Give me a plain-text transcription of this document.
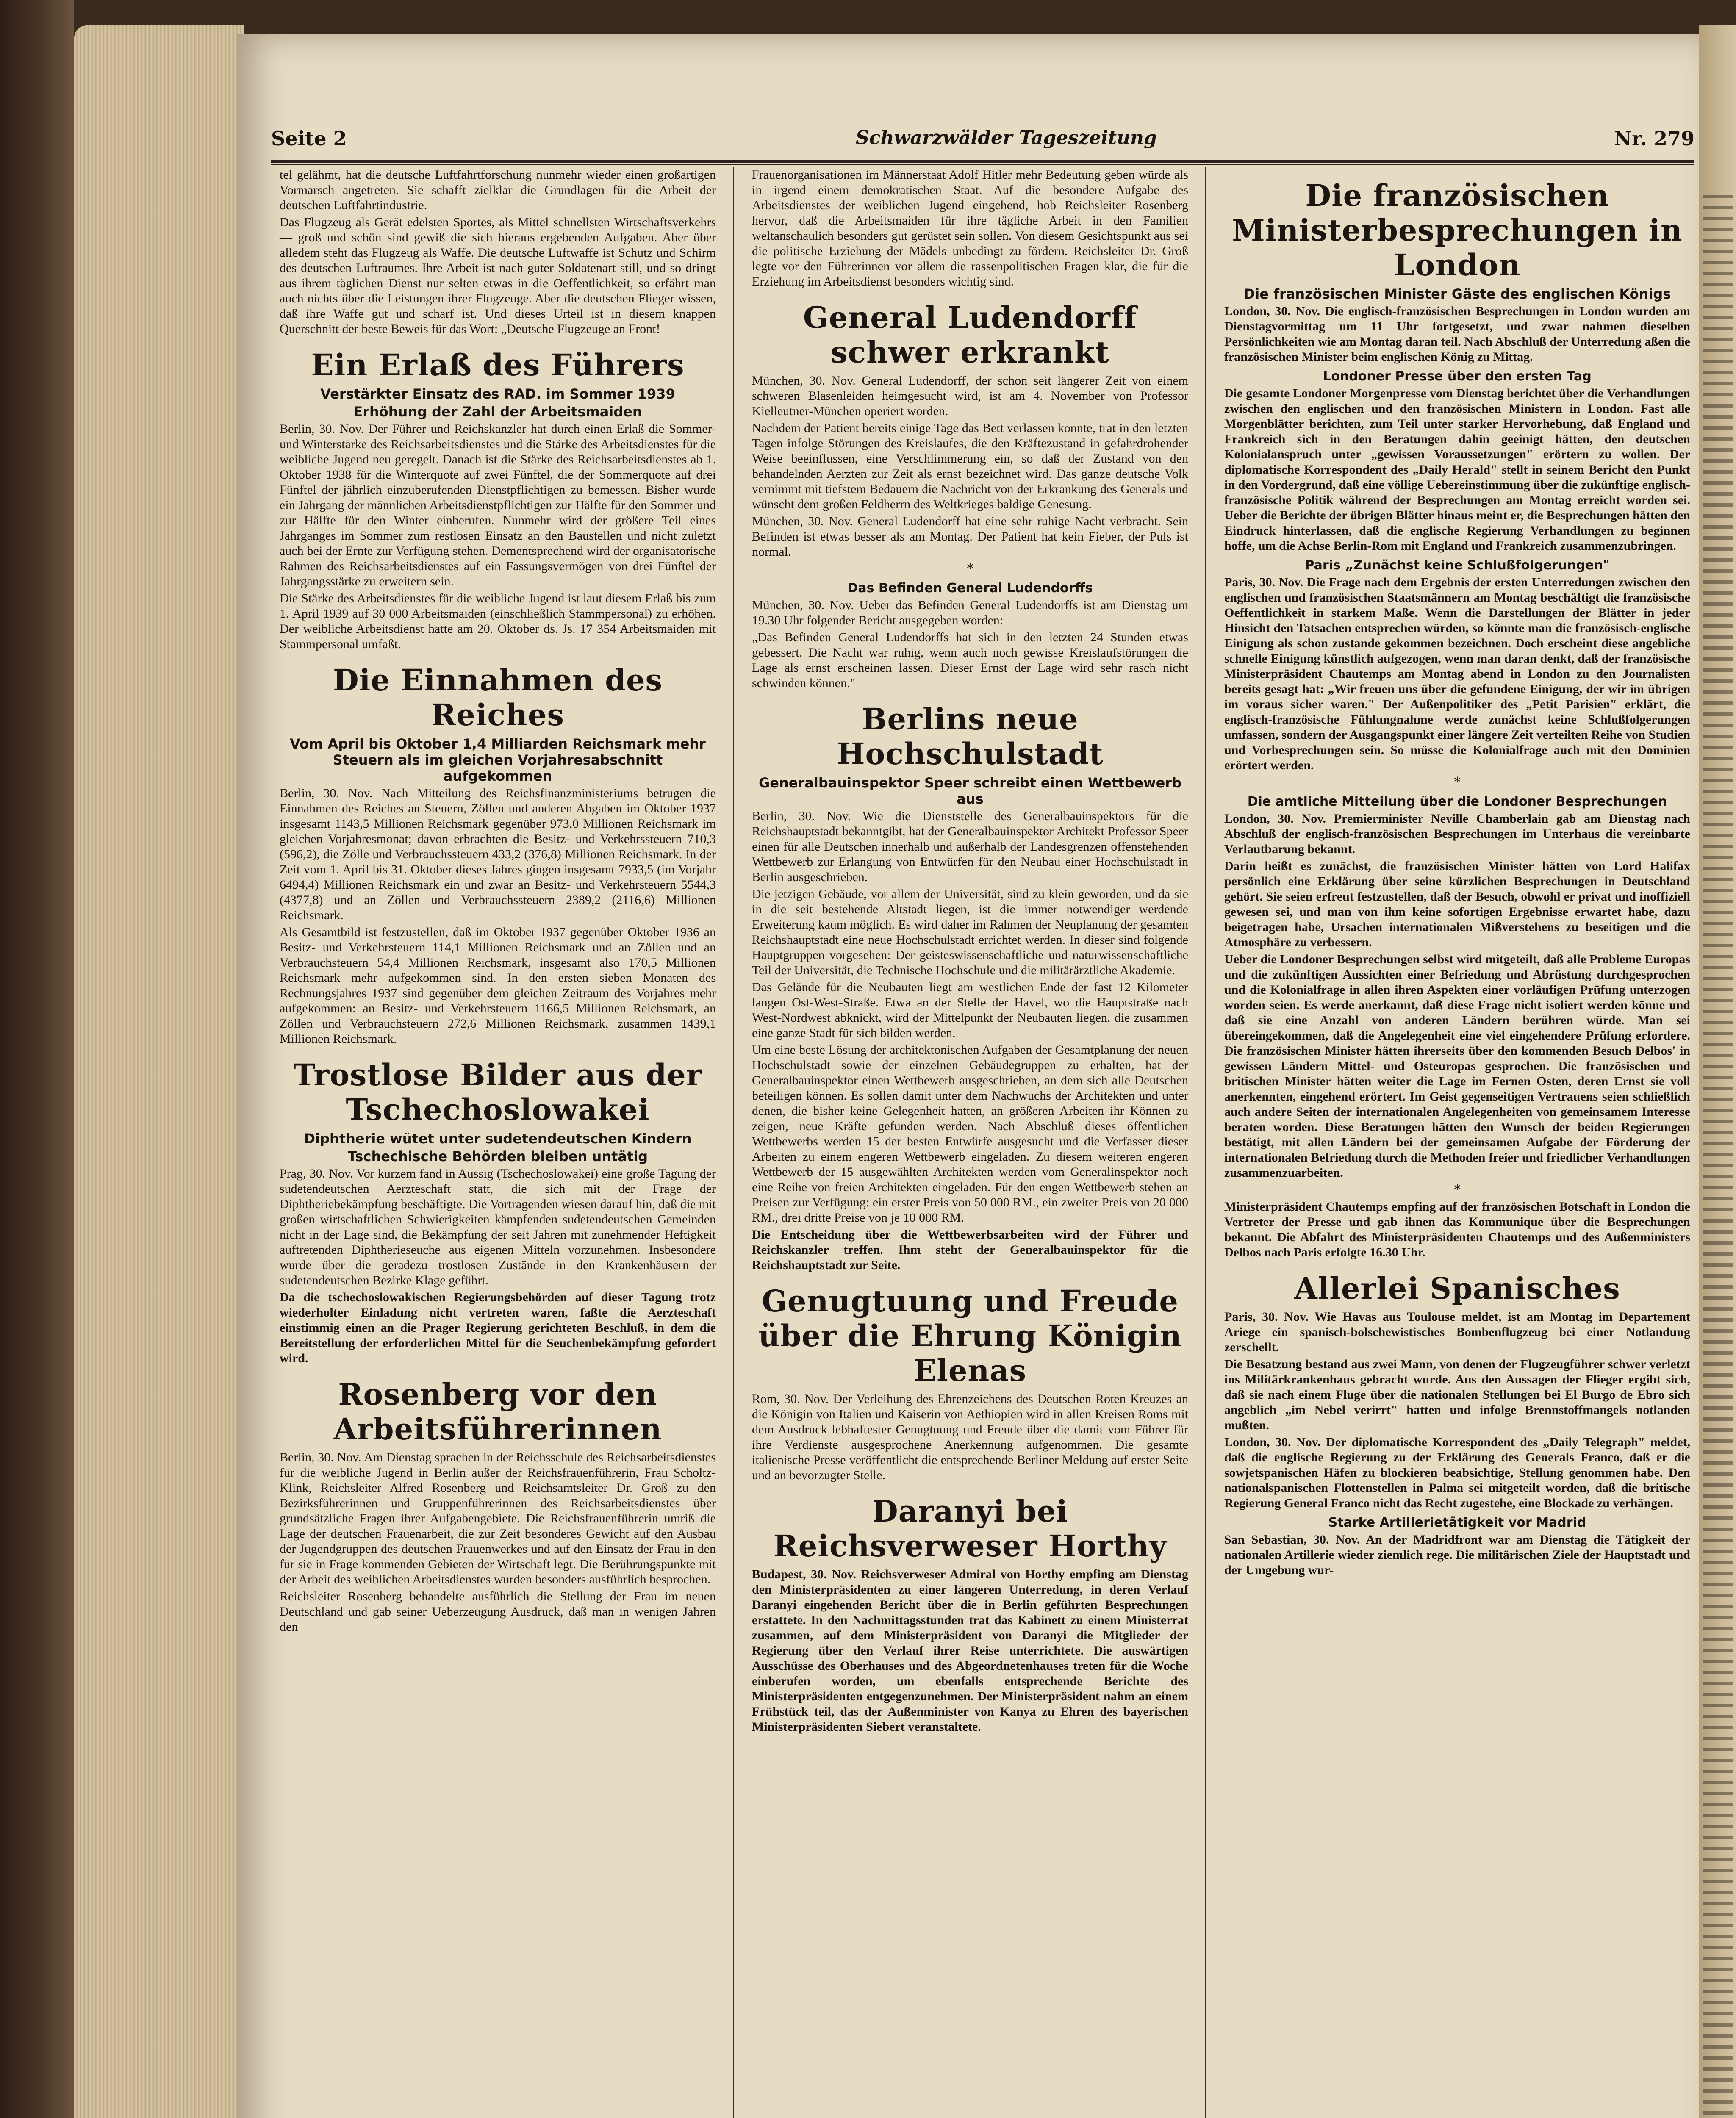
Seite 2	Schwarzwälder Tageszeitung	Nr. 279

tel gelähmt, hat die deutsche Luftfahrtforschung nunmehr wieder einen großartigen Vormarsch angetreten. Sie schafft zielklar die Grundlagen für die Arbeit der deutschen Luftfahrtindustrie.

Das Flugzeug als Gerät edelsten Sportes, als Mittel schnellsten Wirtschaftsverkehrs — groß und schön sind gewiß die sich hieraus ergebenden Aufgaben. Aber über alledem steht das Flugzeug als Waffe. Die deutsche Luftwaffe ist Schutz und Schirm des deutschen Luftraumes. Ihre Arbeit ist nach guter Soldatenart still, und so dringt aus ihrem täglichen Dienst nur selten etwas in die Oeffentlichkeit, so erfährt man auch nichts über die Leistungen ihrer Flugzeuge. Aber die deutschen Flieger wissen, daß ihre Waffe gut und scharf ist. Und dieses Urteil ist in diesem knappen Querschnitt der beste Beweis für das Wort: „Deutsche Flugzeuge an Front!

Ein Erlaß des Führers
Verstärkter Einsatz des RAD. im Sommer 1939
Erhöhung der Zahl der Arbeitsmaiden

Berlin, 30. Nov. Der Führer und Reichskanzler hat durch einen Erlaß die Sommer- und Winterstärke des Reichsarbeitsdienstes und die Stärke des Arbeitsdienstes für die weibliche Jugend neu geregelt. Danach ist die Stärke des Reichsarbeitsdienstes ab 1. Oktober 1938 für die Winterquote auf zwei Fünftel, die der Sommerquote auf drei Fünftel der jährlich einzuberufenden Dienstpflichtigen zu bemessen. Bisher wurde ein Jahrgang der männlichen Arbeitsdienstpflichtigen zur Hälfte für den Sommer und zur Hälfte für den Winter einberufen. Nunmehr wird der größere Teil eines Jahrganges im Sommer zum restlosen Einsatz an den Baustellen und nicht zuletzt auch bei der Ernte zur Verfügung stehen. Dementsprechend wird der organisatorische Rahmen des Reichsarbeitsdienstes auf ein Fassungsvermögen von drei Fünftel der Jahrgangsstärke zu erweitern sein.

Die Stärke des Arbeitsdienstes für die weibliche Jugend ist laut diesem Erlaß bis zum 1. April 1939 auf 30 000 Arbeitsmaiden (einschließlich Stammpersonal) zu erhöhen. Der weibliche Arbeitsdienst hatte am 20. Oktober ds. Js. 17 354 Arbeitsmaiden mit Stammpersonal umfaßt.

Die Einnahmen des Reiches
Vom April bis Oktober 1,4 Milliarden Reichsmark mehr Steuern als im gleichen Vorjahresabschnitt aufgekommen

Berlin, 30. Nov. Nach Mitteilung des Reichsfinanzministeriums betrugen die Einnahmen des Reiches an Steuern, Zöllen und anderen Abgaben im Oktober 1937 insgesamt 1143,5 Millionen Reichsmark gegenüber 973,0 Millionen Reichsmark im gleichen Vorjahresmonat; davon erbrachten die Besitz- und Verkehrssteuern 710,3 (596,2), die Zölle und Verbrauchssteuern 433,2 (376,8) Millionen Reichsmark. In der Zeit vom 1. April bis 31. Oktober dieses Jahres gingen insgesamt 7933,5 (im Vorjahr 6494,4) Millionen Reichsmark ein und zwar an Besitz- und Verkehrsteuern 5544,3 (4377,8) und an Zöllen und Verbrauchssteuern 2389,2 (2116,6) Millionen Reichsmark.

Als Gesamtbild ist festzustellen, daß im Oktober 1937 gegenüber Oktober 1936 an Besitz- und Verkehrsteuern 114,1 Millionen Reichsmark und an Zöllen und an Verbrauchsteuern 54,4 Millionen Reichsmark, insgesamt also 170,5 Millionen Reichsmark mehr aufgekommen sind. In den ersten sieben Monaten des Rechnungsjahres 1937 sind gegenüber dem gleichen Zeitraum des Vorjahres mehr aufgekommen: an Besitz- und Verkehrsteuern 1166,5 Millionen Reichsmark, an Zöllen und Verbrauchsteuern 272,6 Millionen Reichsmark, zusammen 1439,1 Millionen Reichsmark.

Trostlose Bilder aus der Tschechoslowakei
Diphtherie wütet unter sudetendeutschen Kindern
Tschechische Behörden bleiben untätig

Prag, 30. Nov. Vor kurzem fand in Aussig (Tschechoslowakei) eine große Tagung der sudetendeutschen Aerzteschaft statt, die sich mit der Frage der Diphtheriebekämpfung beschäftigte. Die Vortragenden wiesen darauf hin, daß die mit großen wirtschaftlichen Schwierigkeiten kämpfenden sudetendeutschen Gemeinden nicht in der Lage sind, die Bekämpfung der seit Jahren mit zunehmender Heftigkeit auftretenden Diphtherieseuche aus eigenen Mitteln vorzunehmen. Insbesondere wurde über die geradezu trostlosen Zustände in den Krankenhäusern der sudetendeutschen Bezirke Klage geführt.

Da die tschechoslowakischen Regierungsbehörden auf dieser Tagung trotz wiederholter Einladung nicht vertreten waren, faßte die Aerzteschaft einstimmig einen an die Prager Regierung gerichteten Beschluß, in dem die Bereitstellung der erforderlichen Mittel für die Seuchenbekämpfung gefordert wird.

Rosenberg vor den Arbeitsführerinnen

Berlin, 30. Nov. Am Dienstag sprachen in der Reichsschule des Reichsarbeitsdienstes für die weibliche Jugend in Berlin außer der Reichsfrauenführerin, Frau Scholtz-Klink, Reichsleiter Alfred Rosenberg und Reichsamtsleiter Dr. Groß zu den Bezirksführerinnen und Gruppenführerinnen des Reichsarbeitsdienstes über grundsätzliche Fragen ihrer Aufgabengebiete. Die Reichsfrauenführerin umriß die Lage der deutschen Frauenarbeit, die zur Zeit besonderes Gewicht auf den Ausbau der Jugendgruppen des deutschen Frauenwerkes und auf den Einsatz der Frau in den für sie in Frage kommenden Gebieten der Wirtschaft legt. Die Berührungspunkte mit der Arbeit des weiblichen Arbeitsdienstes wurden besonders ausführlich besprochen.

Reichsleiter Rosenberg behandelte ausführlich die Stellung der Frau im neuen Deutschland und gab seiner Ueberzeugung Ausdruck, daß man in wenigen Jahren den

Frauenorganisationen im Männerstaat Adolf Hitler mehr Bedeutung geben würde als in irgend einem demokratischen Staat. Auf die besondere Aufgabe des Arbeitsdienstes der weiblichen Jugend eingehend, hob Reichsleiter Rosenberg hervor, daß die Arbeitsmaiden für ihre tägliche Arbeit in den Familien weltanschaulich besonders gut gerüstet sein sollen. Von diesem Gesichtspunkt aus sei die politische Erziehung der Mädels unbedingt zu fördern. Reichsleiter Dr. Groß legte vor den Führerinnen vor allem die rassenpolitischen Fragen klar, die für die Erziehung im Arbeitsdienst besonders wichtig sind.

General Ludendorff schwer erkrankt

München, 30. Nov. General Ludendorff, der schon seit längerer Zeit von einem schweren Blasenleiden heimgesucht wird, ist am 4. November von Professor Kielleutner-München operiert worden.

Nachdem der Patient bereits einige Tage das Bett verlassen konnte, trat in den letzten Tagen infolge Störungen des Kreislaufes, die den Kräftezustand in gefahrdrohender Weise beeinflussen, eine Verschlimmerung ein, so daß der Zustand von den behandelnden Aerzten zur Zeit als ernst bezeichnet wird. Das ganze deutsche Volk vernimmt mit tiefstem Bedauern die Nachricht von der Erkrankung des Generals und wünscht dem großen Feldherrn des Weltkrieges baldige Genesung.

München, 30. Nov. General Ludendorff hat eine sehr ruhige Nacht verbracht. Sein Befinden ist etwas besser als am Montag. Der Patient hat kein Fieber, der Puls ist normal.

*
Das Befinden General Ludendorffs

München, 30. Nov. Ueber das Befinden General Ludendorffs ist am Dienstag um 19.30 Uhr folgender Bericht ausgegeben worden:

„Das Befinden General Ludendorffs hat sich in den letzten 24 Stunden etwas gebessert. Die Nacht war ruhig, wenn auch noch gewisse Kreislaufstörungen die Lage als ernst erscheinen lassen. Dieser Ernst der Lage wird sehr rasch nicht schwinden können."

Berlins neue Hochschulstadt
Generalbauinspektor Speer schreibt einen Wettbewerb aus

Berlin, 30. Nov. Wie die Dienststelle des Generalbauinspektors für die Reichshauptstadt bekanntgibt, hat der Generalbauinspektor Architekt Professor Speer einen für alle Deutschen innerhalb und außerhalb der Landesgrenzen offenstehenden Wettbewerb zur Erlangung von Entwürfen für den Neubau einer Hochschulstadt in Berlin ausgeschrieben.

Die jetzigen Gebäude, vor allem der Universität, sind zu klein geworden, und da sie in die seit bestehende Altstadt liegen, ist die immer notwendiger werdende Erweiterung kaum möglich. Es wird daher im Rahmen der Neuplanung der gesamten Reichshauptstadt eine neue Hochschulstadt errichtet werden. In dieser sind folgende Hauptgruppen vorgesehen: Der geisteswissenschaftliche und naturwissenschaftliche Teil der Universität, die Technische Hochschule und die militärärztliche Akademie.

Das Gelände für die Neubauten liegt am westlichen Ende der fast 12 Kilometer langen Ost-West-Straße. Etwa an der Stelle der Havel, wo die Hauptstraße nach West-Nordwest abknickt, wird der Mittelpunkt der Neubauten liegen, die zusammen eine ganze Stadt für sich bilden werden.

Um eine beste Lösung der architektonischen Aufgaben der Gesamtplanung der neuen Hochschulstadt sowie der einzelnen Gebäudegruppen zu erhalten, hat der Generalbauinspektor einen Wettbewerb ausgeschrieben, an dem sich alle Deutschen beteiligen können. Es sollen damit unter dem Nachwuchs der Architekten und unter denen, die bisher keine Gelegenheit hatten, an größeren Arbeiten ihr Können zu zeigen, neue Kräfte gefunden werden. Nach Abschluß dieses öffentlichen Wettbewerbs werden 15 der besten Entwürfe ausgesucht und die Verfasser dieser Arbeiten zu einem engeren Wettbewerb eingeladen. Zu diesem weiteren engeren Wettbewerb der 15 ausgewählten Architekten werden vom Generalinspektor noch eine Reihe von freien Architekten eingeladen. Für den engen Wettbewerb stehen an Preisen zur Verfügung: ein erster Preis von 50 000 RM., ein zweiter Preis von 20 000 RM., drei dritte Preise von je 10 000 RM.

Die Entscheidung über die Wettbewerbsarbeiten wird der Führer und Reichskanzler treffen. Ihm steht der Generalbauinspektor für die Reichshauptstadt zur Seite.

Genugtuung und Freude über die Ehrung Königin Elenas

Rom, 30. Nov. Der Verleihung des Ehrenzeichens des Deutschen Roten Kreuzes an die Königin von Italien und Kaiserin von Aethiopien wird in allen Kreisen Roms mit dem Ausdruck lebhaftester Genugtuung und Freude über die damit vom Führer für ihre Verdienste ausgesprochene Anerkennung aufgenommen. Die gesamte italienische Presse veröffentlicht die entsprechende Berliner Meldung auf erster Seite und an bevorzugter Stelle.

Daranyi bei Reichsverweser Horthy

Budapest, 30. Nov. Reichsverweser Admiral von Horthy empfing am Dienstag den Ministerpräsidenten zu einer längeren Unterredung, in deren Verlauf Daranyi eingehenden Bericht über die in Berlin geführten Besprechungen erstattete. In den Nachmittagsstunden trat das Kabinett zu einem Ministerrat zusammen, auf dem Ministerpräsident von Daranyi die Mitglieder der Regierung über den Verlauf ihrer Reise unterrichtete. Die auswärtigen Ausschüsse des Oberhauses und des Abgeordnetenhauses treten für die Woche einberufen worden, um ebenfalls entsprechende Berichte des Ministerpräsidenten entgegenzunehmen. Der Ministerpräsident nahm an einem Frühstück teil, das der Außenminister von Kanya zu Ehren des bayerischen Ministerpräsidenten Siebert veranstaltete.

Die französischen Ministerbesprechungen in London
Die französischen Minister Gäste des englischen Königs

London, 30. Nov. Die englisch-französischen Besprechungen in London wurden am Dienstagvormittag um 11 Uhr fortgesetzt, und zwar nahmen dieselben Persönlichkeiten wie am Montag daran teil. Nach Abschluß der Unterredung aßen die französischen Minister beim englischen König zu Mittag.

Londoner Presse über den ersten Tag

Die gesamte Londoner Morgenpresse vom Dienstag berichtet über die Verhandlungen zwischen den englischen und den französischen Ministern in London. Fast alle Morgenblätter berichten, zum Teil unter starker Hervorhebung, daß England und Frankreich sich in den Beratungen dahin geeinigt hätten, den deutschen Kolonialanspruch unter „gewissen Voraussetzungen" erörtern zu wollen. Der diplomatische Korrespondent des „Daily Herald" stellt in seinem Bericht den Punkt in den Vordergrund, daß eine völlige Uebereinstimmung über die zukünftige englisch-französische Politik während der Besprechungen am Montag erreicht worden sei. Ueber die Berichte der übrigen Blätter hinaus meint er, die Besprechungen hätten den Eindruck hinterlassen, daß die englische Regierung Verhandlungen zu beginnen hoffe, um die Achse Berlin-Rom mit England und Frankreich zusammenzubringen.

Paris „Zunächst keine Schlußfolgerungen"

Paris, 30. Nov. Die Frage nach dem Ergebnis der ersten Unterredungen zwischen den englischen und französischen Staatsmännern am Montag beschäftigt die französische Oeffentlichkeit in starkem Maße. Wenn die Darstellungen der Blätter in jeder Hinsicht den Tatsachen entsprechen würden, so könnte man die französisch-englische Einigung als schon zustande gekommen bezeichnen. Doch erscheint diese angebliche schnelle Einigung künstlich aufgezogen, wenn man daran denkt, daß der französische Ministerpräsident Chautemps am Montag abend in London zu den Journalisten bereits gesagt hat: „Wir freuen uns über die gefundene Einigung, der wir im übrigen im voraus sicher waren." Der Außenpolitiker des „Petit Parisien" erklärt, die englisch-französische Fühlungnahme werde zunächst keine Schlußfolgerungen umfassen, sondern der Ausgangspunkt einer längere Zeit verteilten Reihe von Studien und Vorbesprechungen sein. So müsse die Kolonialfrage auch mit den Dominien erörtert werden.

*
Die amtliche Mitteilung über die Londoner Besprechungen

London, 30. Nov. Premierminister Neville Chamberlain gab am Dienstag nach Abschluß der englisch-französischen Besprechungen im Unterhaus die vereinbarte Verlautbarung bekannt.

Darin heißt es zunächst, die französischen Minister hätten von Lord Halifax persönlich eine Erklärung über seine kürzlichen Besprechungen in Deutschland gehört. Sie seien erfreut festzustellen, daß der Besuch, obwohl er privat und inoffiziell gewesen sei, und man von ihm keine sofortigen Ergebnisse erwartet habe, dazu beigetragen habe, Ursachen internationalen Mißverstehens zu beseitigen und die Atmosphäre zu verbessern.

Ueber die Londoner Besprechungen selbst wird mitgeteilt, daß alle Probleme Europas und die zukünftigen Aussichten einer Befriedung und Abrüstung durchgesprochen und die Kolonialfrage in allen ihren Aspekten einer vorläufigen Prüfung unterzogen worden seien. Es werde anerkannt, daß diese Frage nicht isoliert werden könne und daß sie eine Anzahl von anderen Ländern berühren würde. Man sei übereingekommen, daß die Angelegenheit eine viel eingehendere Prüfung erfordere. Die französischen Minister hätten ihrerseits über den kommenden Besuch Delbos' in gewissen Ländern Mittel- und Osteuropas gesprochen. Die französischen und britischen Minister hätten weiter die Lage im Fernen Osten, deren Ernst sie voll anerkennten, eingehend erörtert. Im Geist gegenseitigen Vertrauens seien schließlich auch andere Seiten der internationalen Angelegenheiten von gemeinsamem Interesse beraten worden. Diese Beratungen hätten den Wunsch der beiden Regierungen bestätigt, mit allen Ländern bei der gemeinsamen Aufgabe der Förderung der internationalen Befriedung durch die Methoden freier und friedlicher Verhandlungen zusammenzuarbeiten.

*

Ministerpräsident Chautemps empfing auf der französischen Botschaft in London die Vertreter der Presse und gab ihnen das Kommunique über die Besprechungen bekannt. Die Abfahrt des Ministerpräsidenten Chautemps und des Außenministers Delbos nach Paris erfolgte 16.30 Uhr.

Allerlei Spanisches

Paris, 30. Nov. Wie Havas aus Toulouse meldet, ist am Montag im Departement Ariege ein spanisch-bolschewistisches Bombenflugzeug bei einer Notlandung zerschellt.

Die Besatzung bestand aus zwei Mann, von denen der Flugzeugführer schwer verletzt ins Militärkrankenhaus gebracht wurde. Aus den Aussagen der Flieger ergibt sich, daß sie nach einem Fluge über die nationalen Stellungen bei El Burgo de Ebro sich angeblich „im Nebel verirrt" hatten und infolge Brennstoffmangels notlanden mußten.

London, 30. Nov. Der diplomatische Korrespondent des „Daily Telegraph" meldet, daß die englische Regierung zu der Erklärung des Generals Franco, daß er die sowjetspanischen Häfen zu blockieren beabsichtige, Stellung genommen habe. Den nationalspanischen Flottenstellen in Palma sei mitgeteilt worden, daß die britische Regierung General Franco nicht das Recht zugestehe, eine Blockade zu verhängen.

Starke Artillerietätigkeit vor Madrid

San Sebastian, 30. Nov. An der Madridfront war am Dienstag die Tätigkeit der nationalen Artillerie wieder ziemlich rege. Die militärischen Ziele der Hauptstadt und der Umgebung wur-
